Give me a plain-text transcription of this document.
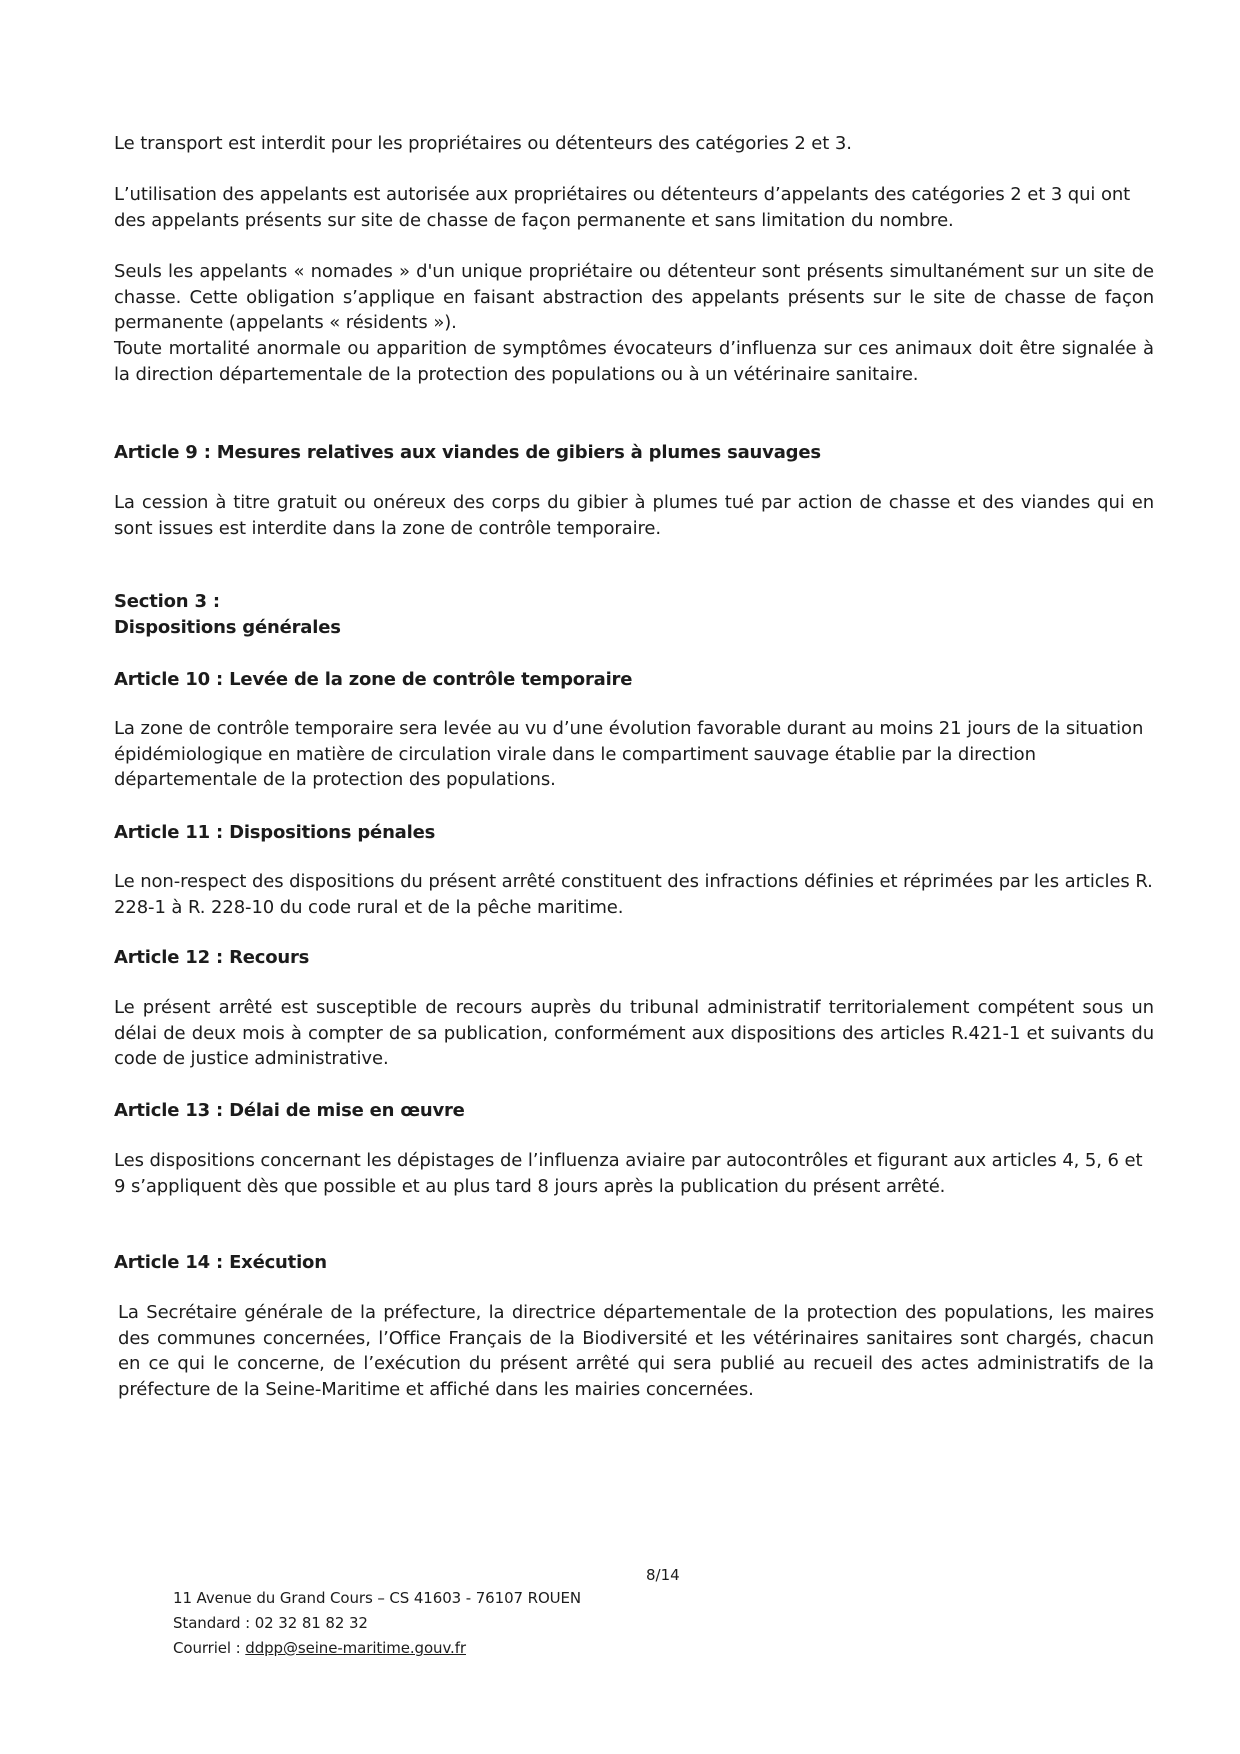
Le transport est interdit pour les propriétaires ou détenteurs des catégories 2 et 3.

L’utilisation des appelants est autorisée aux propriétaires ou détenteurs d’appelants des catégories 2 et 3 qui ont des appelants présents sur site de chasse de façon permanente et sans limitation du nombre.

Seuls les appelants « nomades » d'un unique propriétaire ou détenteur sont présents simultanément sur un site de chasse. Cette obligation s’applique en faisant abstraction des appelants présents sur le site de chasse de façon permanente (appelants « résidents »).

Toute mortalité anormale ou apparition de symptômes évocateurs d’influenza sur ces animaux doit être signalée à la direction départementale de la protection des populations ou à un vétérinaire sanitaire.

Article 9 : Mesures relatives aux viandes de gibiers à plumes sauvages

La cession à titre gratuit ou onéreux des corps du gibier à plumes tué par action de chasse et des viandes qui en sont issues est interdite dans la zone de contrôle temporaire.

Section 3 :

Dispositions générales

Article 10 : Levée de la zone de contrôle temporaire

La zone de contrôle temporaire sera levée au vu d’une évolution favorable durant au moins 21 jours de la situation épidémiologique en matière de circulation virale dans le compartiment sauvage établie par la direction départementale de la protection des populations.

Article 11 : Dispositions pénales

Le non-respect des dispositions du présent arrêté constituent des infractions définies et réprimées par les articles R. 228-1 à R. 228-10 du code rural et de la pêche maritime.

Article 12 : Recours

Le présent arrêté est susceptible de recours auprès du tribunal administratif territorialement compétent sous un délai de deux mois à compter de sa publication, conformément aux dispositions des articles R.421-1 et suivants du code de justice administrative.

Article 13 : Délai de mise en œuvre

Les dispositions concernant les dépistages de l’influenza aviaire par autocontrôles et figurant aux articles 4, 5, 6 et 9 s’appliquent dès que possible et au plus tard 8 jours après la publication du présent arrêté.

Article 14 : Exécution

La Secrétaire générale de la préfecture, la directrice départementale de la protection des populations, les maires des communes concernées, l’Office Français de la Biodiversité et les vétérinaires sanitaires sont chargés, chacun en ce qui le concerne, de l’exécution du présent arrêté qui sera publié au recueil des actes administratifs de la préfecture de la Seine-Maritime et affiché dans les mairies concernées.

8/14

11 Avenue du Grand Cours – CS 41603 - 76107 ROUEN

Standard : 02 32 81 82 32

Courriel : ddpp@seine-maritime.gouv.fr
